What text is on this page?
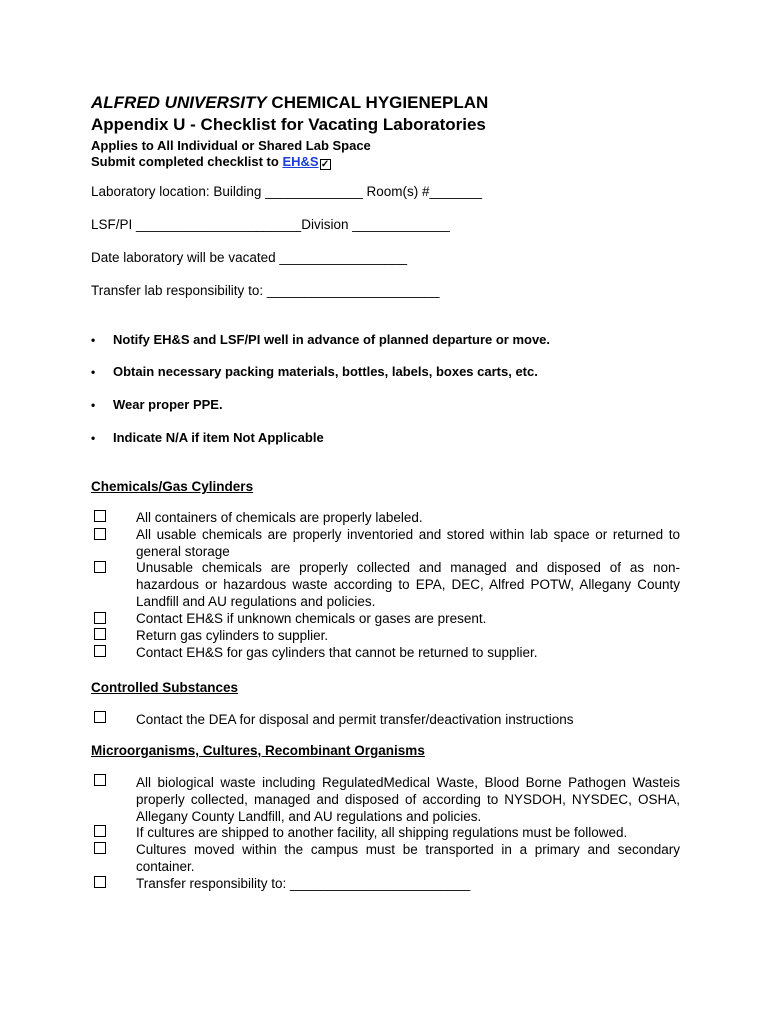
ALFRED UNIVERSITY CHEMICAL HYGIENEPLAN
Appendix U - Checklist for Vacating Laboratories
Applies to All Individual or Shared Lab Space
Submit completed checklist to EH&S ✓
Laboratory location: Building _____________ Room(s) #_______
LSF/PI ______________________Division _____________
Date laboratory will be vacated _________________
Transfer lab responsibility to: _______________________
• Notify EH&S and LSF/PI well in advance of planned departure or move.
• Obtain necessary packing materials, bottles, labels, boxes carts, etc.
• Wear proper PPE.
• Indicate N/A if item Not Applicable
Chemicals/Gas Cylinders
All containers of chemicals are properly labeled.
All usable chemicals are properly inventoried and stored within lab space or returned to general storage
Unusable chemicals are properly collected and managed and disposed of as non-hazardous or hazardous waste according to EPA, DEC, Alfred POTW, Allegany County Landfill and AU regulations and policies.
Contact EH&S if unknown chemicals or gases are present.
Return gas cylinders to supplier.
Contact EH&S for gas cylinders that cannot be returned to supplier.
Controlled Substances
Contact the DEA for disposal and permit transfer/deactivation instructions
Microorganisms, Cultures, Recombinant Organisms
All biological waste including RegulatedMedical Waste, Blood Borne Pathogen Wasteis properly collected, managed and disposed of according to NYSDOH, NYSDEC, OSHA, Allegany County Landfill, and AU regulations and policies.
If cultures are shipped to another facility, all shipping regulations must be followed.
Cultures moved within the campus must be transported in a primary and secondary container.
Transfer responsibility to: ________________________
